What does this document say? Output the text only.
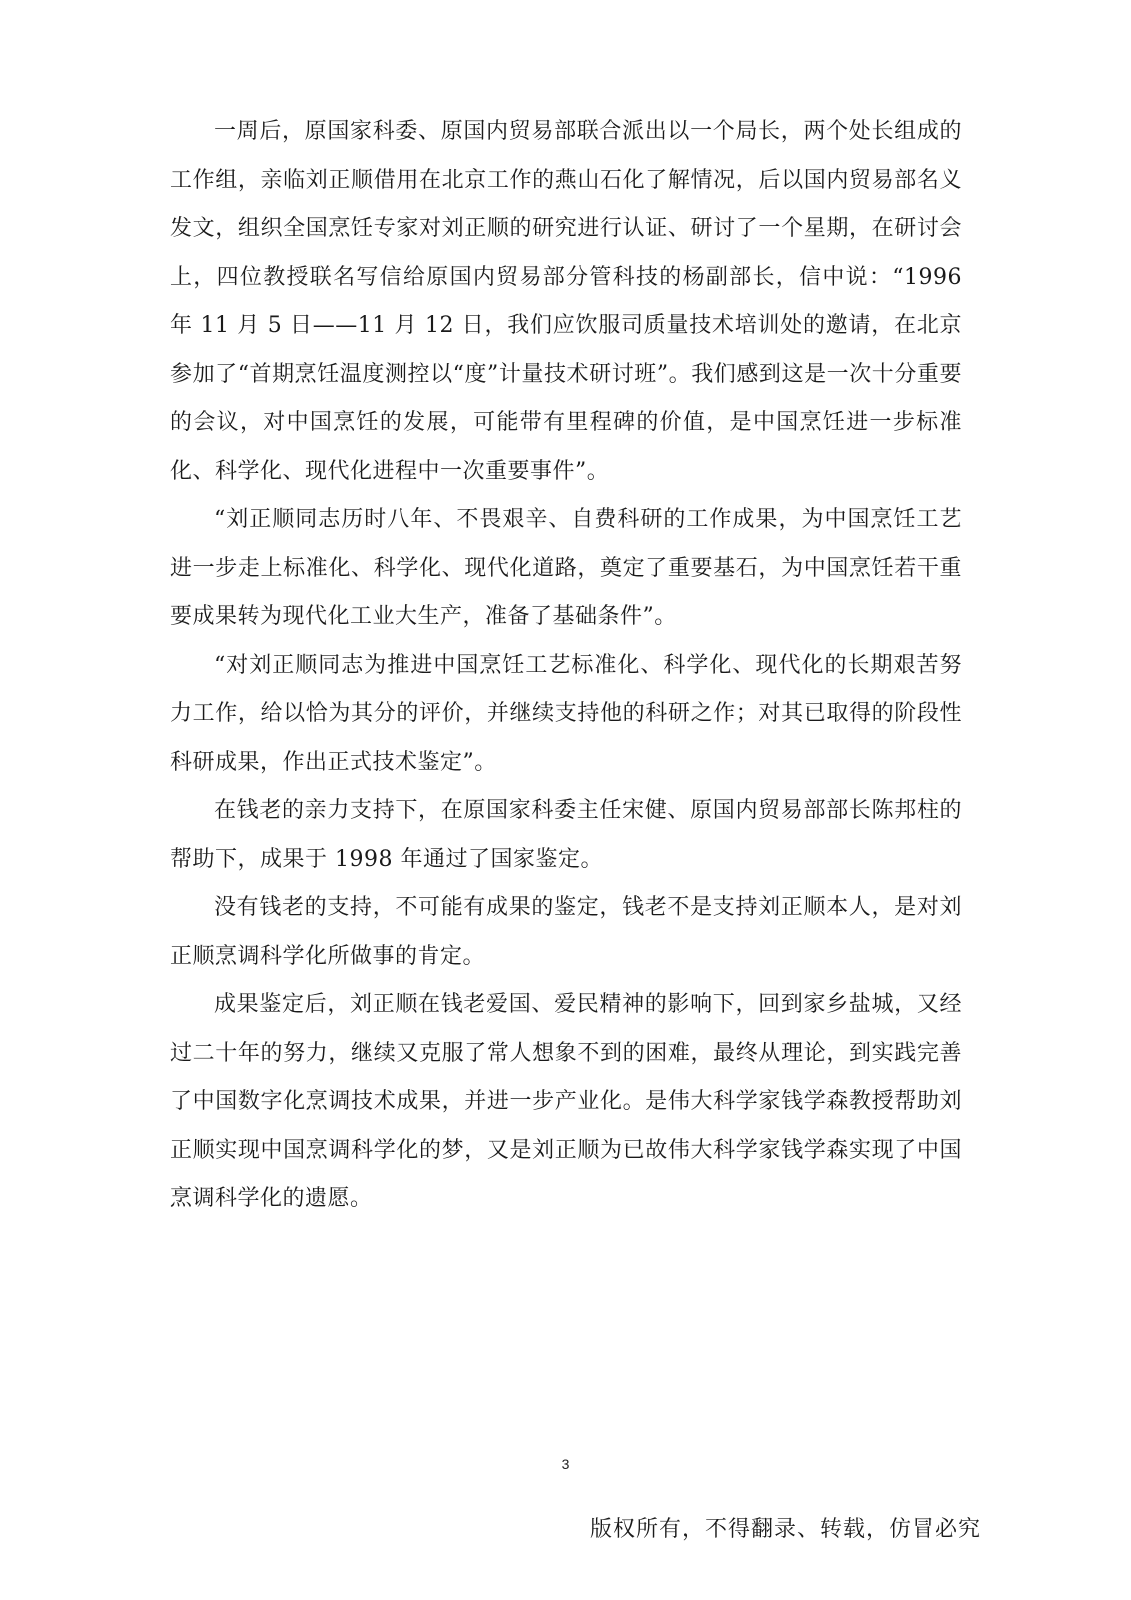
一周后，原国家科委、原国内贸易部联合派出以一个局长，两个处长组成的工作组，亲临刘正顺借用在北京工作的燕山石化了解情况，后以国内贸易部名义发文，组织全国烹饪专家对刘正顺的研究进行认证、研讨了一个星期，在研讨会上，四位教授联名写信给原国内贸易部分管科技的杨副部长，信中说：“1996 年 11 月 5 日——11 月 12 日，我们应饮服司质量技术培训处的邀请，在北京参加了“首期烹饪温度测控以“度”计量技术研讨班”。我们感到这是一次十分重要的会议，对中国烹饪的发展，可能带有里程碑的价值，是中国烹饪进一步标准化、科学化、现代化进程中一次重要事件”。

“刘正顺同志历时八年、不畏艰辛、自费科研的工作成果，为中国烹饪工艺进一步走上标准化、科学化、现代化道路，奠定了重要基石，为中国烹饪若干重要成果转为现代化工业大生产，准备了基础条件”。

“对刘正顺同志为推进中国烹饪工艺标准化、科学化、现代化的长期艰苦努力工作，给以恰为其分的评价，并继续支持他的科研之作；对其已取得的阶段性科研成果，作出正式技术鉴定”。

在钱老的亲力支持下，在原国家科委主任宋健、原国内贸易部部长陈邦柱的帮助下，成果于 1998 年通过了国家鉴定。

没有钱老的支持，不可能有成果的鉴定，钱老不是支持刘正顺本人，是对刘正顺烹调科学化所做事的肯定。

成果鉴定后，刘正顺在钱老爱国、爱民精神的影响下，回到家乡盐城，又经过二十年的努力，继续又克服了常人想象不到的困难，最终从理论，到实践完善了中国数字化烹调技术成果，并进一步产业化。是伟大科学家钱学森教授帮助刘正顺实现中国烹调科学化的梦，又是刘正顺为已故伟大科学家钱学森实现了中国烹调科学化的遗愿。

3
版权所有，不得翻录、转载，仿冒必究
